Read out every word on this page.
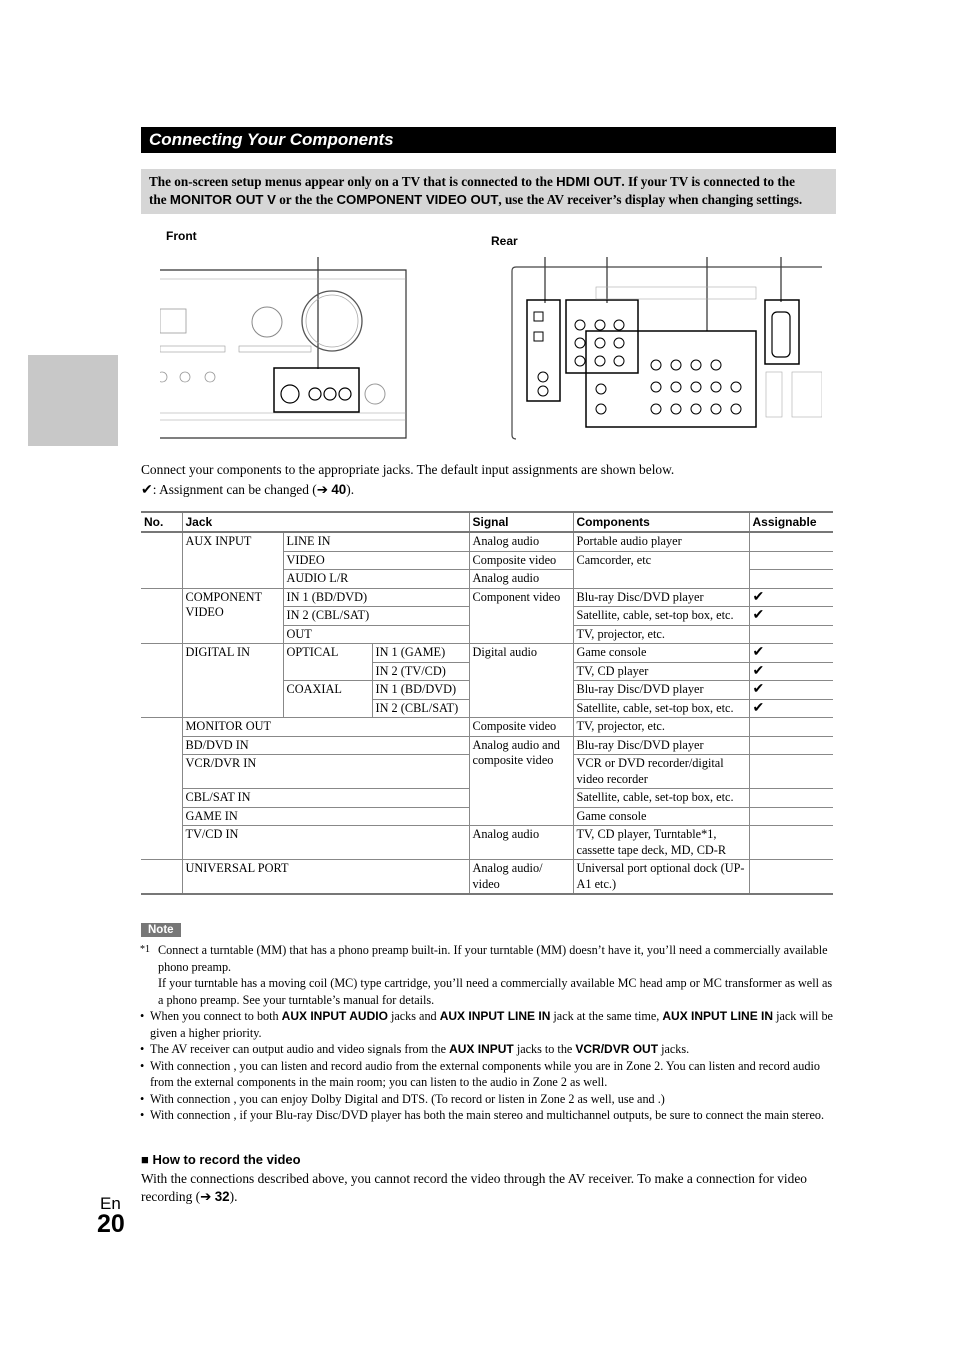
Connecting Your Components

The on-screen setup menus appear only on a TV that is connected to the HDMI OUT. If your TV is connected to the
the MONITOR OUT V or the the COMPONENT VIDEO OUT, use the AV receiver’s display when changing settings.

Front	Rear
Connect your components to the appropriate jacks. The default input assignments are shown below.
✔: Assignment can be changed (➔ 40).
No.	Jack			Signal	Components	Assignable
	AUX INPUT	LINE IN		Analog audio	Portable audio player	
		VIDEO		Composite video	Camcorder, etc	
		AUDIO L/R		Analog audio		
	COMPONENT VIDEO	IN 1 (BD/DVD)		Component video	Blu-ray Disc/DVD player	✔
		IN 2 (CBL/SAT)			Satellite, cable, set-top box, etc.	✔
		OUT			TV, projector, etc.	
	DIGITAL IN	OPTICAL	IN 1 (GAME)	Digital audio	Game console	✔
			IN 2 (TV/CD)		TV, CD player	✔
		COAXIAL	IN 1 (BD/DVD)		Blu-ray Disc/DVD player	✔
			IN 2 (CBL/SAT)		Satellite, cable, set-top box, etc.	✔
	MONITOR OUT			Composite video	TV, projector, etc.	
	BD/DVD IN			Analog audio and composite video	Blu-ray Disc/DVD player	
	VCR/DVR IN				VCR or DVD recorder/digital video recorder	
	CBL/SAT IN				Satellite, cable, set-top box, etc.	
	GAME IN				Game console	
	TV/CD IN			Analog audio	TV, CD player, Turntable*1, cassette tape deck, MD, CD-R	
	UNIVERSAL PORT			Analog audio/ video	Universal port optional dock (UP-A1 etc.)	
Note
*1 Connect a turntable (MM) that has a phono preamp built-in. If your turntable (MM) doesn’t have it, you’ll need a commercially available phono preamp.
If your turntable has a moving coil (MC) type cartridge, you’ll need a commercially available MC head amp or MC transformer as well as a phono preamp. See your turntable’s manual for details.
• When you connect to both AUX INPUT AUDIO jacks and AUX INPUT LINE IN jack at the same time, AUX INPUT LINE IN jack will be given a higher priority.
• The AV receiver can output audio and video signals from the AUX INPUT jacks to the VCR/DVR OUT jacks.
• With connection , you can listen and record audio from the external components while you are in Zone 2. You can listen and record audio from the external components in the main room; you can listen to the audio in Zone 2 as well.
• With connection , you can enjoy Dolby Digital and DTS. (To record or listen in Zone 2 as well, use and .)
• With connection , if your Blu-ray Disc/DVD player has both the main stereo and multichannel outputs, be sure to connect the main stereo.
■ How to record the video
With the connections described above, you cannot record the video through the AV receiver. To make a connection for video recording (➔ 32).
En
20
